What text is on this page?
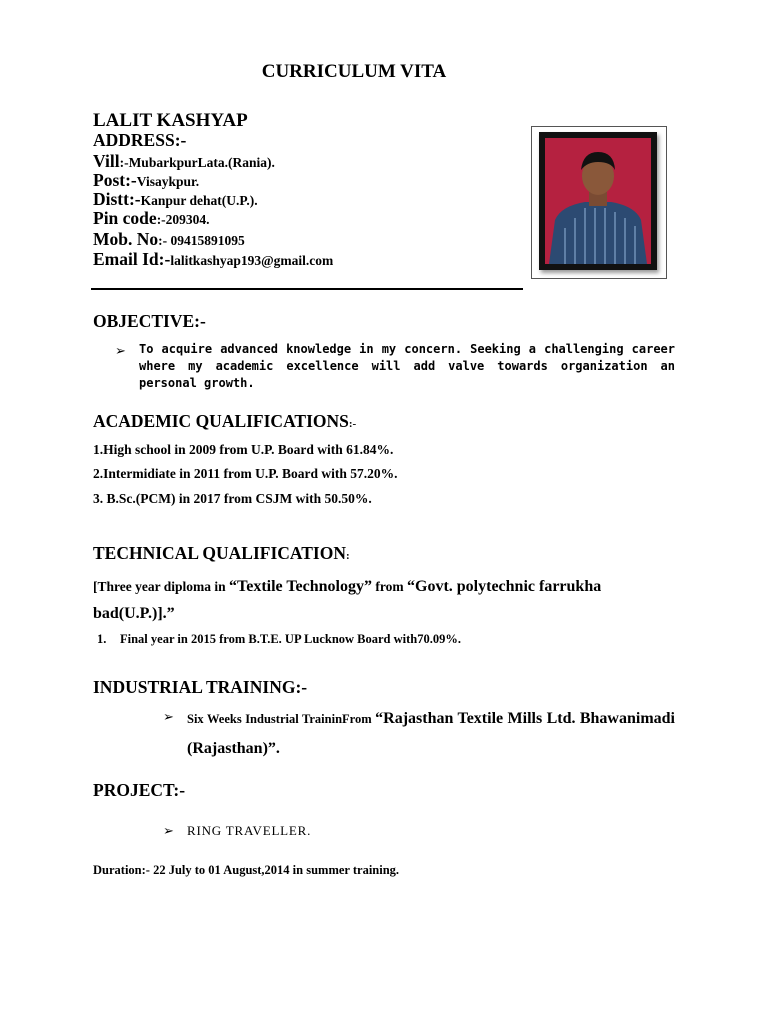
CURRICULUM VITA
LALIT KASHYAP
ADDRESS:-
Vill:-MubarkpurLata.(Rania).
Post:-Visaykpur.
Distt:-Kanpur dehat(U.P.).
Pin code:-209304.
Mob. No:- 09415891095
Email Id:-lalitkashyap193@gmail.com
OBJECTIVE:-
➢ To acquire advanced knowledge in my concern. Seeking a challenging career where my academic excellence will add valve towards organization an personal growth.
ACADEMIC QUALIFICATIONS:-
1.High school in 2009 from U.P. Board with 61.84%.
2.Intermidiate in 2011 from U.P. Board with 57.20%.
3. B.Sc.(PCM) in 2017 from CSJM with 50.50%.
TECHNICAL QUALIFICATION:
[Three year diploma in “Textile Technology” from “Govt. polytechnic farrukha bad(U.P.)].”
1. Final year in 2015 from B.T.E. UP Lucknow Board with70.09%.
INDUSTRIAL TRAINING:-
➢ Six Weeks Industrial TraininFrom “Rajasthan Textile Mills Ltd. Bhawanimadi (Rajasthan)”.
PROJECT:-
➢ RING TRAVELLER.
Duration:- 22 July to 01 August,2014 in summer training.
